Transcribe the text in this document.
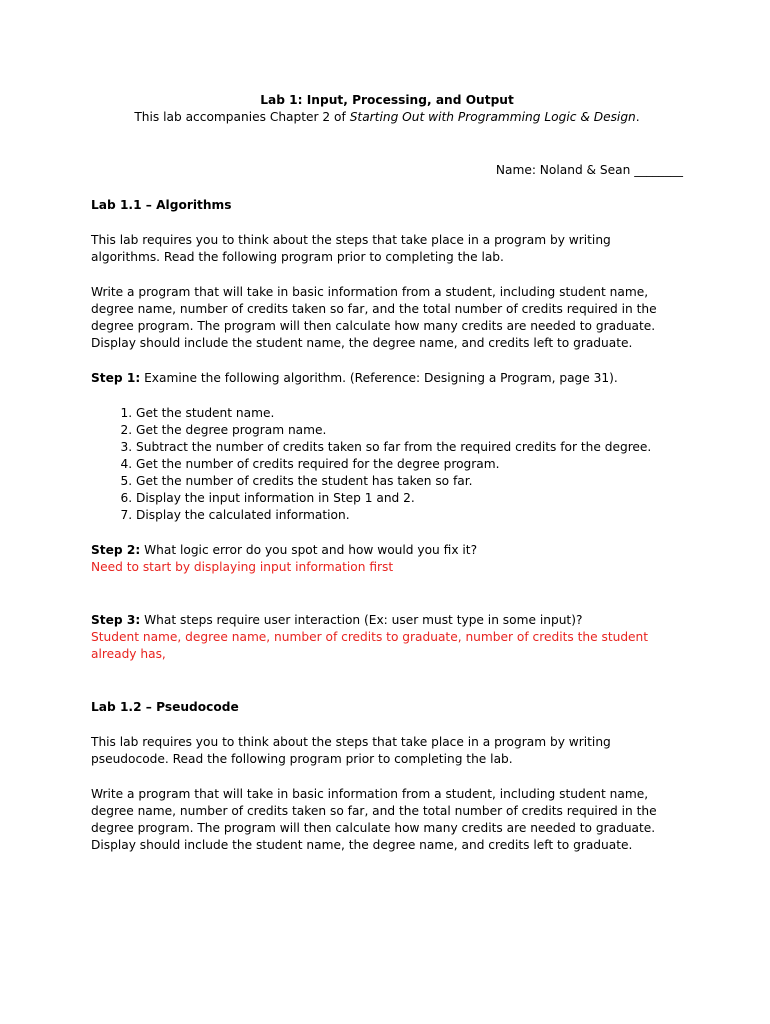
Lab 1: Input, Processing, and Output
This lab accompanies Chapter 2 of Starting Out with Programming Logic & Design.
Name: Noland & Sean ________
Lab 1.1 – Algorithms

This lab requires you to think about the steps that take place in a program by writing algorithms. Read the following program prior to completing the lab.

Write a program that will take in basic information from a student, including student name, degree name, number of credits taken so far, and the total number of credits required in the degree program. The program will then calculate how many credits are needed to graduate. Display should include the student name, the degree name, and credits left to graduate.

Step 1: Examine the following algorithm. (Reference: Designing a Program, page 31).

1. Get the student name.
2. Get the degree program name.
3. Subtract the number of credits taken so far from the required credits for the degree.
4. Get the number of credits required for the degree program.
5. Get the number of credits the student has taken so far.
6. Display the input information in Step 1 and 2.
7. Display the calculated information.

Step 2: What logic error do you spot and how would you fix it?
Need to start by displaying input information first

Step 3: What steps require user interaction (Ex: user must type in some input)?
Student name, degree name, number of credits to graduate, number of credits the student already has,

Lab 1.2 – Pseudocode

This lab requires you to think about the steps that take place in a program by writing pseudocode. Read the following program prior to completing the lab.

Write a program that will take in basic information from a student, including student name, degree name, number of credits taken so far, and the total number of credits required in the degree program. The program will then calculate how many credits are needed to graduate. Display should include the student name, the degree name, and credits left to graduate.
